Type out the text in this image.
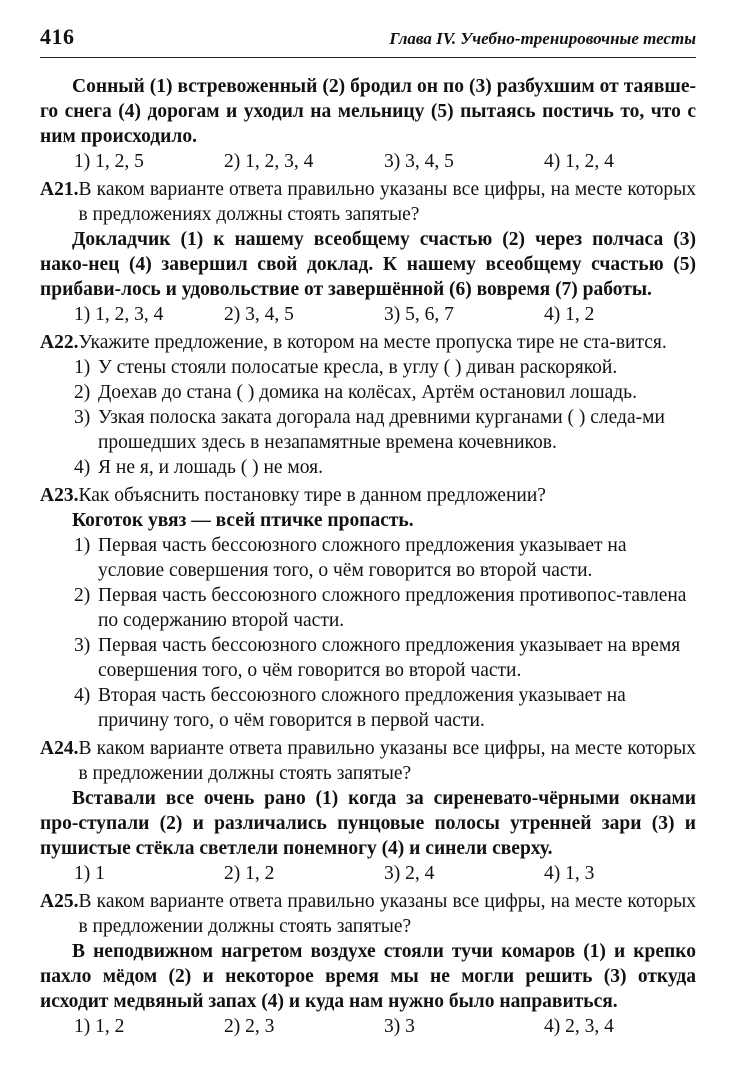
416	Глава IV. Учебно-тренировочные тесты
Сонный (1) встревоженный (2) бродил он по (3) разбухшим от таявше-го снега (4) дорогам и уходил на мельницу (5) пытаясь постичь то, что с ним происходило.
1) 1, 2, 5	2) 1, 2, 3, 4	3) 3, 4, 5	4) 1, 2, 4
А21. В каком варианте ответа правильно указаны все цифры, на месте которых в предложениях должны стоять запятые?
Докладчик (1) к нашему всеобщему счастью (2) через полчаса (3) нако-нец (4) завершил свой доклад. К нашему всеобщему счастью (5) прибави-лось и удовольствие от завершённой (6) вовремя (7) работы.
1) 1, 2, 3, 4	2) 3, 4, 5	3) 5, 6, 7	4) 1, 2
А22. Укажите предложение, в котором на месте пропуска тире не ста-вится.
1) У стены стояли полосатые кресла, в углу ( ) диван раскорякой.
2) Доехав до стана ( ) домика на колёсах, Артём остановил лошадь.
3) Узкая полоска заката догорала над древними курганами ( ) следа-ми прошедших здесь в незапамятные времена кочевников.
4) Я не я, и лошадь ( ) не моя.
А23. Как объяснить постановку тире в данном предложении?
Коготок увяз — всей птичке пропасть.
1) Первая часть бессоюзного сложного предложения указывает на условие совершения того, о чём говорится во второй части.
2) Первая часть бессоюзного сложного предложения противопос-тавлена по содержанию второй части.
3) Первая часть бессоюзного сложного предложения указывает на время совершения того, о чём говорится во второй части.
4) Вторая часть бессоюзного сложного предложения указывает на причину того, о чём говорится в первой части.
А24. В каком варианте ответа правильно указаны все цифры, на месте которых в предложении должны стоять запятые?
Вставали все очень рано (1) когда за сиреневато-чёрными окнами про-ступали (2) и различались пунцовые полосы утренней зари (3) и пушистые стёкла светлели понемногу (4) и синели сверху.
1) 1	2) 1, 2	3) 2, 4	4) 1, 3
А25. В каком варианте ответа правильно указаны все цифры, на месте которых в предложении должны стоять запятые?
В неподвижном нагретом воздухе стояли тучи комаров (1) и крепко пахло мёдом (2) и некоторое время мы не могли решить (3) откуда исходит медвяный запах (4) и куда нам нужно было направиться.
1) 1, 2	2) 2, 3	3) 3	4) 2, 3, 4
